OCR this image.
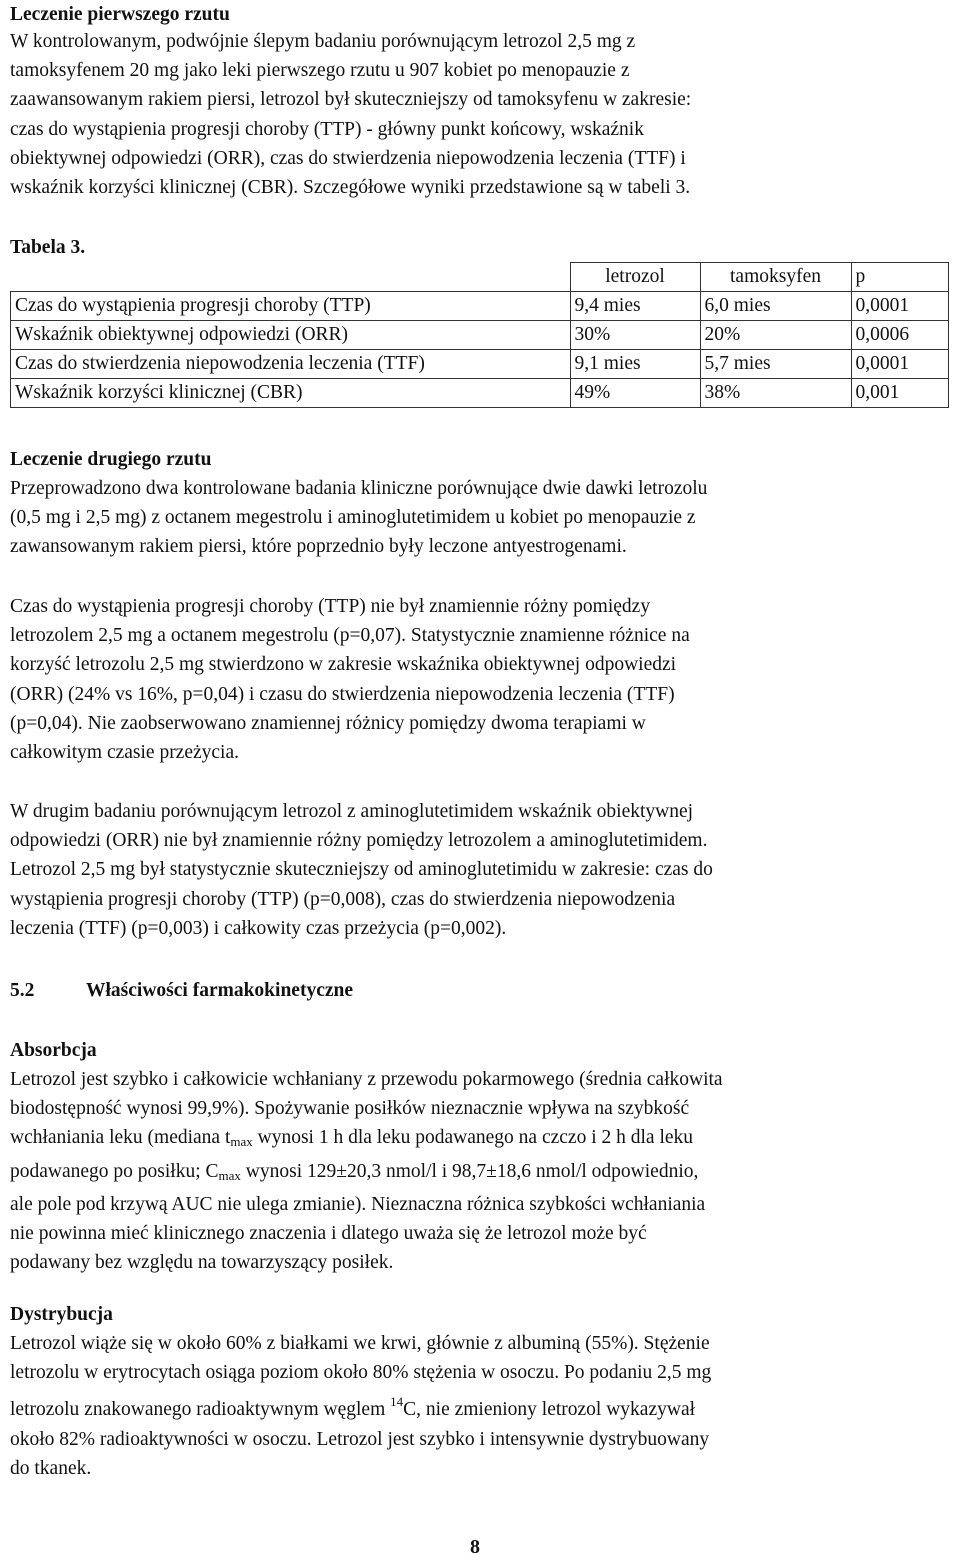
Leczenie pierwszego rzutu
W kontrolowanym, podwójnie ślepym badaniu porównującym letrozol 2,5 mg z
tamoksyfenem 20 mg jako leki pierwszego rzutu u 907 kobiet po menopauzie z
zaawansowanym rakiem piersi, letrozol był skuteczniejszy od tamoksyfenu w zakresie:
czas do wystąpienia progresji choroby (TTP) - główny punkt końcowy, wskaźnik
obiektywnej odpowiedzi (ORR), czas do stwierdzenia niepowodzenia leczenia (TTF) i
wskaźnik korzyści klinicznej (CBR). Szczegółowe wyniki przedstawione są w tabeli 3.
Tabela 3.
	letrozol	tamoksyfen	p
Czas do wystąpienia progresji choroby (TTP)	9,4 mies	6,0 mies	0,0001
Wskaźnik obiektywnej odpowiedzi (ORR)	30%	20%	0,0006
Czas do stwierdzenia niepowodzenia leczenia (TTF)	9,1 mies	5,7 mies	0,0001
Wskaźnik korzyści klinicznej (CBR)	49%	38%	0,001
Leczenie drugiego rzutu
Przeprowadzono dwa kontrolowane badania kliniczne porównujące dwie dawki letrozolu
(0,5 mg i 2,5 mg) z octanem megestrolu i aminoglutetimidem u kobiet po menopauzie z
zawansowanym rakiem piersi, które poprzednio były leczone antyestrogenami.
Czas do wystąpienia progresji choroby (TTP) nie był znamiennie różny pomiędzy
letrozolem 2,5 mg a octanem megestrolu (p=0,07). Statystycznie znamienne różnice na
korzyść letrozolu 2,5 mg stwierdzono w zakresie wskaźnika obiektywnej odpowiedzi
(ORR) (24% vs 16%, p=0,04) i czasu do stwierdzenia niepowodzenia leczenia (TTF)
(p=0,04). Nie zaobserwowano znamiennej różnicy pomiędzy dwoma terapiami w
całkowitym czasie przeżycia.
W drugim badaniu porównującym letrozol z aminoglutetimidem wskaźnik obiektywnej
odpowiedzi (ORR) nie był znamiennie różny pomiędzy letrozolem a aminoglutetimidem.
Letrozol 2,5 mg był statystycznie skuteczniejszy od aminoglutetimidu w zakresie: czas do
wystąpienia progresji choroby (TTP) (p=0,008), czas do stwierdzenia niepowodzenia
leczenia (TTF) (p=0,003) i całkowity czas przeżycia (p=0,002).
5.2	Właściwości farmakokinetyczne
Absorbcja
Letrozol jest szybko i całkowicie wchłaniany z przewodu pokarmowego (średnia całkowita
biodostępność wynosi 99,9%). Spożywanie posiłków nieznacznie wpływa na szybkość
wchłaniania leku (mediana $t_{max}$ wynosi 1 h dla leku podawanego na czczo i 2 h dla leku
podawanego po posiłku; $C_{max}$ wynosi 129±20,3 nmol/l i 98,7±18,6 nmol/l odpowiednio,
ale pole pod krzywą AUC nie ulega zmianie). Nieznaczna różnica szybkości wchłaniania
nie powinna mieć klinicznego znaczenia i dlatego uważa się że letrozol może być
podawany bez względu na towarzyszący posiłek.
Dystrybucja
Letrozol wiąże się w około 60% z białkami we krwi, głównie z albuminą (55%). Stężenie
letrozolu w erytrocytach osiąga poziom około 80% stężenia w osoczu. Po podaniu 2,5 mg
letrozolu znakowanego radioaktywnym węglem $^{14}$C, nie zmieniony letrozol wykazywał
około 82% radioaktywności w osoczu. Letrozol jest szybko i intensywnie dystrybuowany
do tkanek.
8
